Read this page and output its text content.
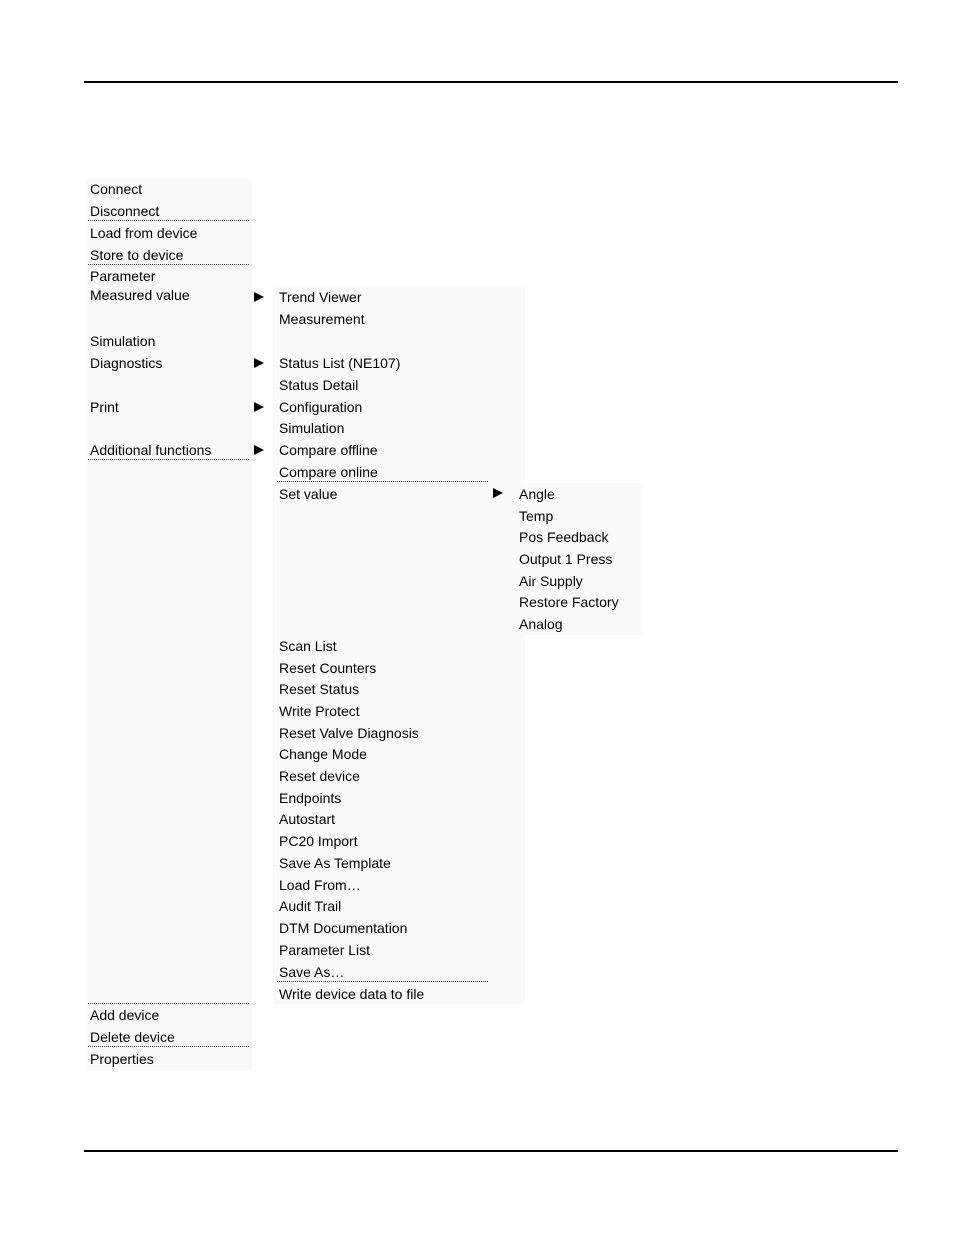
Connect
Disconnect
Load from device
Store to device
Parameter
Measured value
Simulation
Diagnostics
Print
Additional functions
Add device
Delete device
Properties
Trend Viewer
Measurement
Status List (NE107)
Status Detail
Configuration
Simulation
Compare offline
Compare online
Set value
Scan List
Reset Counters
Reset Status
Write Protect
Reset Valve Diagnosis
Change Mode
Reset device
Endpoints
Autostart
PC20 Import
Save As Template
Load From…
Audit Trail
DTM Documentation
Parameter List
Save As…
Write device data to file
Angle
Temp
Pos Feedback
Output 1 Press
Air Supply
Restore Factory
Analog
